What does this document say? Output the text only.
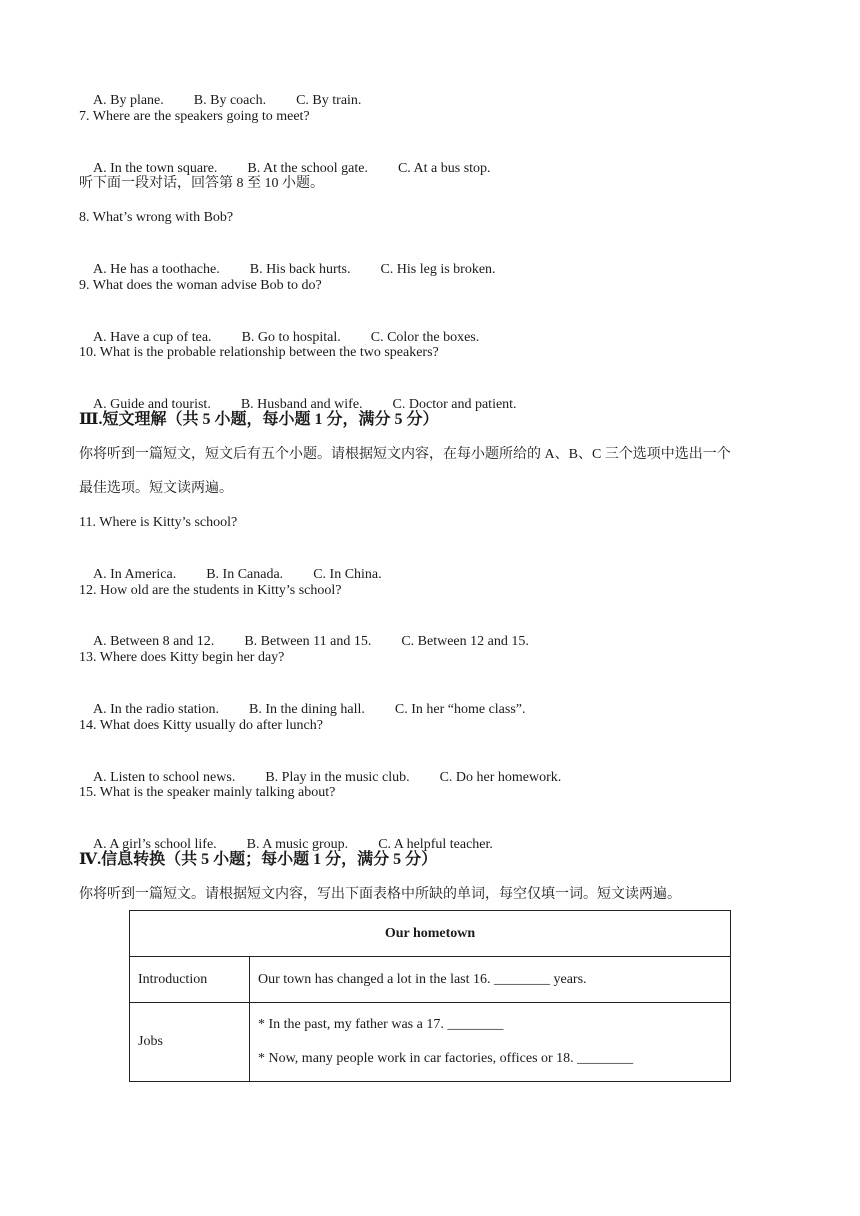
A. By plane. B. By coach. C. By train.

7. Where are the speakers going to meet?

A. In the town square. B. At the school gate. C. At a bus stop.

听下面一段对话，回答第 8 至 10 小题。
8. What’s wrong with Bob?

A. He has a toothache. B. His back hurts. C. His leg is broken.

9. What does the woman advise Bob to do?

A. Have a cup of tea. B. Go to hospital. C. Color the boxes.

10. What is the probable relationship between the two speakers?

A. Guide and tourist. B. Husband and wife. C. Doctor and patient.

Ⅲ.短文理解（共 5 小题，每小题 1 分，满分 5 分）
你将听到一篇短文，短文后有五个小题。请根据短文内容，在每小题所给的 A、B、C 三个选项中选出一个
最佳选项。短文读两遍。
11. Where is Kitty’s school?

A. In America. B. In Canada. C. In China.

12. How old are the students in Kitty’s school?

A. Between 8 and 12. B. Between 11 and 15. C. Between 12 and 15.

13. Where does Kitty begin her day?

A. In the radio station. B. In the dining hall. C. In her “home class”.

14. What does Kitty usually do after lunch?

A. Listen to school news. B. Play in the music club. C. Do her homework.

15. What is the speaker mainly talking about?

A. A girl’s school life. B. A music group. C. A helpful teacher.

Ⅳ.信息转换（共 5 小题；每小题 1 分，满分 5 分）
你将听到一篇短文。请根据短文内容，写出下面表格中所缺的单词，每空仅填一词。短文读两遍。
Our hometown	
Introduction	Our town has changed a lot in the last 16. ________ years.
Jobs	* In the past, my father was a 17. ________
* Now, many people work in car factories, offices or 18. ________
